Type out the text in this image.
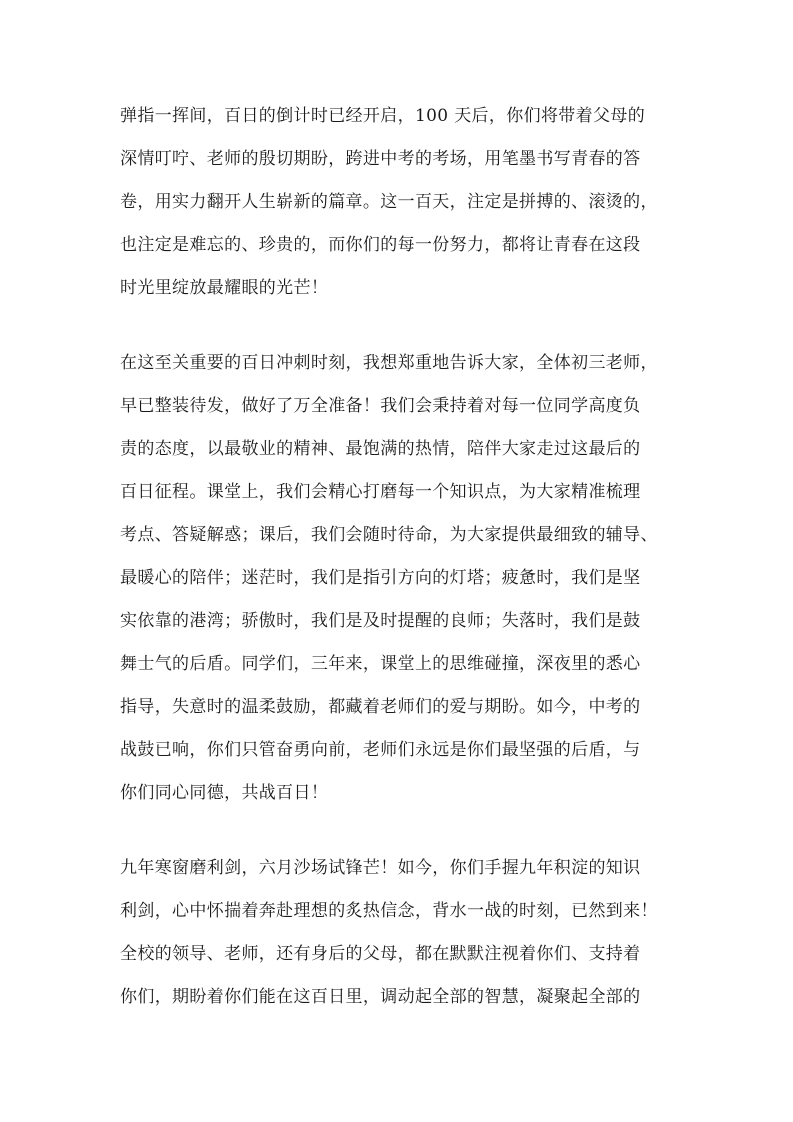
弹指一挥间，百日的倒计时已经开启，100 天后，你们将带着父母的
深情叮咛、老师的殷切期盼，跨进中考的考场，用笔墨书写青春的答
卷，用实力翻开人生崭新的篇章。这一百天，注定是拼搏的、滚烫的，
也注定是难忘的、珍贵的，而你们的每一份努力，都将让青春在这段
时光里绽放最耀眼的光芒！
在这至关重要的百日冲刺时刻，我想郑重地告诉大家，全体初三老师，
早已整装待发，做好了万全准备！我们会秉持着对每一位同学高度负
责的态度，以最敬业的精神、最饱满的热情，陪伴大家走过这最后的
百日征程。课堂上，我们会精心打磨每一个知识点，为大家精准梳理
考点、答疑解惑；课后，我们会随时待命，为大家提供最细致的辅导、
最暖心的陪伴；迷茫时，我们是指引方向的灯塔；疲惫时，我们是坚
实依靠的港湾；骄傲时，我们是及时提醒的良师；失落时，我们是鼓
舞士气的后盾。同学们，三年来，课堂上的思维碰撞，深夜里的悉心
指导，失意时的温柔鼓励，都藏着老师们的爱与期盼。如今，中考的
战鼓已响，你们只管奋勇向前，老师们永远是你们最坚强的后盾，与
你们同心同德，共战百日！
九年寒窗磨利剑，六月沙场试锋芒！如今，你们手握九年积淀的知识
利剑，心中怀揣着奔赴理想的炙热信念，背水一战的时刻，已然到来！
全校的领导、老师，还有身后的父母，都在默默注视着你们、支持着
你们，期盼着你们能在这百日里，调动起全部的智慧，凝聚起全部的
